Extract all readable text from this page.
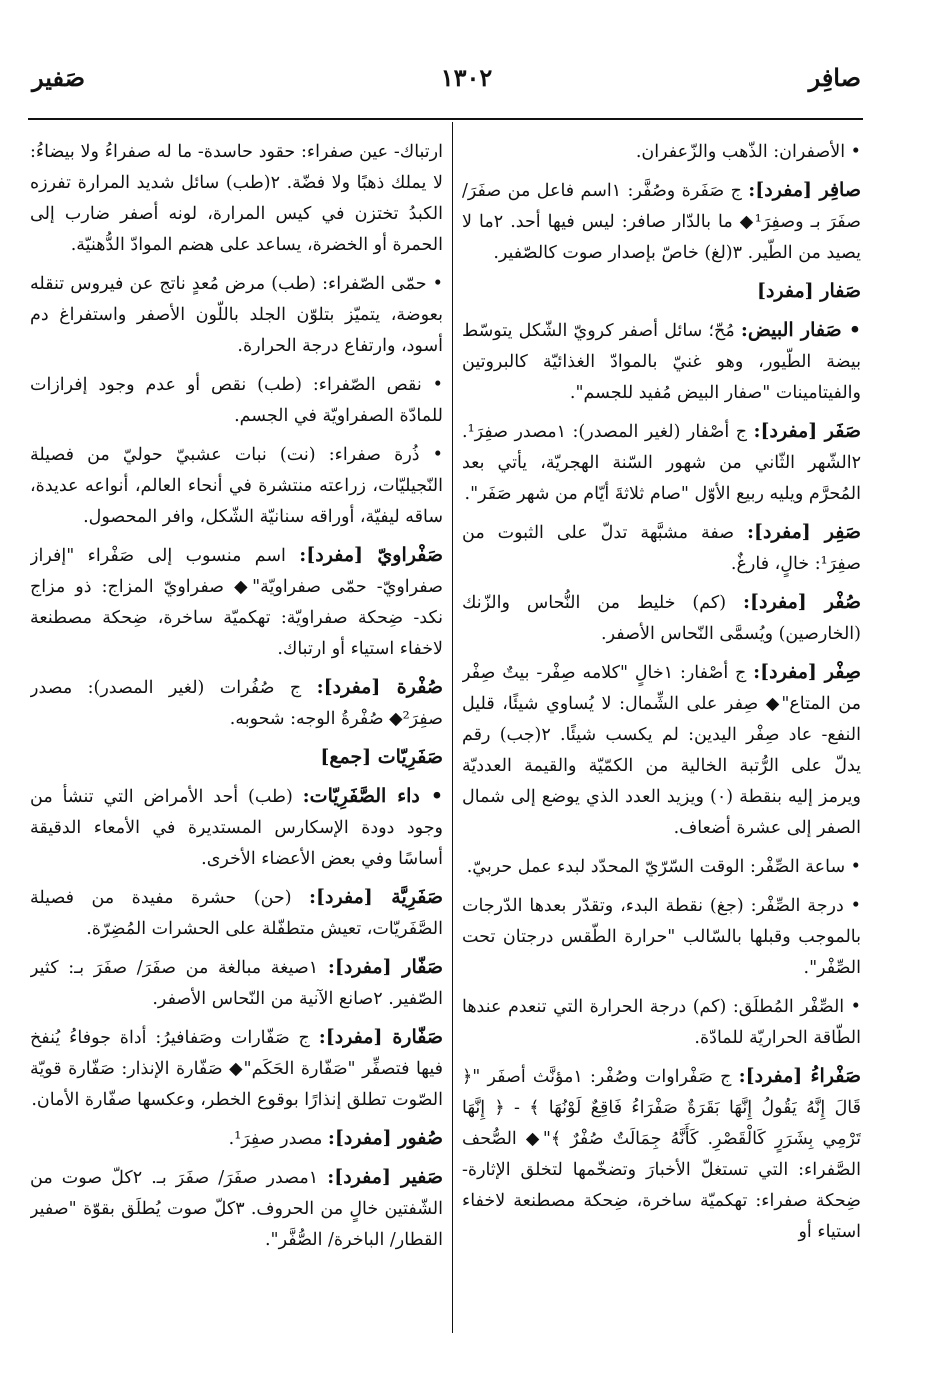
صافِر
١٣٠٢
صَفير
• الأصفران: الذّهب والزّعفران.
صافِر [مفرد]: ج صَفَرة وصُفَّر: ١اسم فاعل من صفَرَ/ صفَرَ بـ وصفِرَ¹◆ ما بالدّار صافر: ليس فيها أحد. ٢ما لا يصيد من الطّير. ٣(لغ) خاصّ بإصدار صوت كالصّفير.
صَفار [مفرد]
• صَفار البيض: مُحّ؛ سائل أصفر كرويّ الشّكل يتوسّط بيضة الطّيور، وهو غنيّ بالموادّ الغذائيّة كالبروتين والفيتامينات "صفار البيض مُفيد للجسم".
صَفَر [مفرد]: ج أصْفار (لغير المصدر): ١مصدر صفِرَ¹. ٢الشّهر الثّاني من شهور السّنة الهجريّة، يأتي بعد المُحرَّم ويليه ربيع الأوّل "صام ثلاثةَ أيّام من شهر صَفَر".
صَفِر [مفرد]: صفة مشبَّهة تدلّ على الثبوت من صفِرَ¹: خالٍ، فارغٌ.
صُفْر [مفرد]: (كم) خليط من النُّحاس والزّنك (الخارصين) ويُسمَّى النّحاس الأصفر.
صِفْر [مفرد]: ج أصْفار: ١خالٍ "كلامه صِفْر- بيتٌ صِفْر من المتاع"◆ صِفر على الشِّمال: لا يُساوي شيئًا، قليل النفع- عاد صِفْر اليدين: لم يكسب شيئًا. ٢(جب) رقم يدلّ على الرُّتبة الخالية من الكمّيّة والقيمة العدديّة ويرمز إليه بنقطة (٠) ويزيد العدد الذي يوضع إلى شمال الصفر إلى عشرة أضعاف.
• ساعة الصِّفْر: الوقت السّرّيّ المحدّد لبدء عمل حربيّ.
• درجة الصِّفْر: (جغ) نقطة البدء، وتقدّر بعدها الدّرجات بالموجب وقبلها بالسّالب "حرارة الطّقس درجتان تحت الصِّفْر".
• الصِّفْر المُطلَق: (كم) درجة الحرارة التي تنعدم عندها الطّاقة الحراريّة للمادّة.
صَفْراءُ [مفرد]: ج صَفْراوات وصُفْر: ١مؤنَّث أصفَر "﴿ قَالَ إِنَّهُ يَقُولُ إِنَّهَا بَقَرَةٌ صَفْرَاءُ فَاقِعٌ لَوْنُهَا ﴾ - ﴿ إِنَّهَا تَرْمِي بِشَرَرٍ كَالْقَصْرِ. كَأَنَّهُ جِمَالَتٌ صُفْرٌ ﴾"◆ الصُّحف الصَّفراء: التي تستغلّ الأخبارَ وتضخّمها لتخلق الإثارة- ضِحكة صفراء: تهكميّة ساخرة، ضِحكة مصطنعة لاخفاء استياء أو
ارتباك- عين صفراء: حقود حاسدة- ما له صفراءُ ولا بيضاءُ: لا يملك ذهبًا ولا فضّة. ٢(طب) سائل شديد المرارة تفرزه الكبدُ تختزن في كيس المرارة، لونه أصفر ضارب إلى الحمرة أو الخضرة، يساعد على هضم الموادّ الدُّهنيّة.
• حمّى الصّفراء: (طب) مرض مُعدٍ ناتج عن فيروس تنقله بعوضة، يتميّز بتلوّن الجلد باللّون الأصفر واستفراغ دم أسود، وارتفاع درجة الحرارة.
• نقص الصّفراء: (طب) نقص أو عدم وجود إفرازات للمادّة الصفراويّة في الجسم.
• ذُرة صفراء: (نت) نبات عشبيّ حوليّ من فصيلة النّجيليّات، زراعته منتشرة في أنحاء العالم، أنواعه عديدة، ساقه ليفيّة، أوراقه سنانيّة الشّكل، وافر المحصول.
صَفْراويّ [مفرد]: اسم منسوب إلى صَفْراء "إفراز صفراويّ- حمّى صفراويّة"◆ صفراويّ المزاج: ذو مزاج نكد- ضِحكة صفراويّة: تهكميّة ساخرة، ضِحكة مصطنعة لاخفاء استياء أو ارتباك.
صُفْرة [مفرد]: ج صُفُرات (لغير المصدر): مصدر صفِرَ²◆ صُفْرةُ الوجه: شحوبه.
صَفَرِيّات [جمع]
• داء الصَّفَرِيّات: (طب) أحد الأمراض التي تنشأ من وجود دودة الإسكارس المستديرة في الأمعاء الدقيقة أساسًا وفي بعض الأعضاء الأخرى.
صَفَرِيَّة [مفرد]: (حن) حشرة مفيدة من فصيلة الصَّفَريّات، تعيش متطفّلة على الحشرات المُضِرّة.
صَفّار [مفرد]: ١صيغة مبالغة من صفَرَ/ صفَرَ بـ: كثير الصّفير. ٢صانع الآنية من النّحاس الأصفر.
صَفّارة [مفرد]: ج صَفّارات وصَفافيرُ: أداة جوفاءُ يُنفخ فيها فتصفِّر "صَفّارة الحَكَم"◆ صَفّارة الإنذار: صَفّارة قويّة الصّوت تطلق إنذارًا بوقوع الخطر، وعكسها صفّارة الأمان.
صُفور [مفرد]: مصدر صفِرَ¹.
صَفير [مفرد]: ١مصدر صفَرَ/ صفَرَ بـ. ٢كلّ صوت من الشّفتين خالٍ من الحروف. ٣كلّ صوت يُطلَق بقوّة "صفير القطار/ الباخرة/ الصُّفَّر".
